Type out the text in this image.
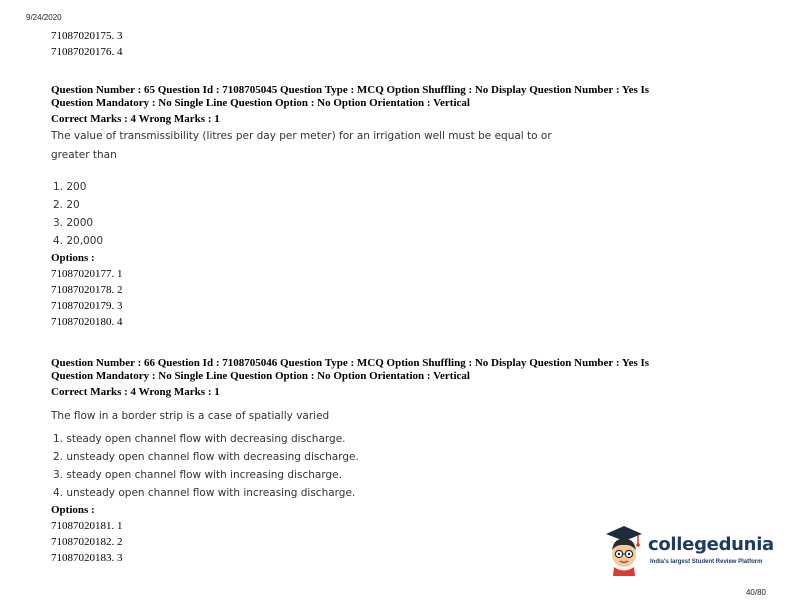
9/24/2020
71087020175. 3
71087020176. 4
Question Number : 65 Question Id : 7108705045 Question Type : MCQ Option Shuffling : No Display Question Number : Yes Is
Question Mandatory : No Single Line Question Option : No Option Orientation : Vertical
Correct Marks : 4 Wrong Marks : 1
The value of transmissibility (litres per day per meter) for an irrigation well must be equal to or
greater than
1. 200
2. 20
3. 2000
4. 20,000
Options :
71087020177. 1
71087020178. 2
71087020179. 3
71087020180. 4
Question Number : 66 Question Id : 7108705046 Question Type : MCQ Option Shuffling : No Display Question Number : Yes Is
Question Mandatory : No Single Line Question Option : No Option Orientation : Vertical
Correct Marks : 4 Wrong Marks : 1
The flow in a border strip is a case of spatially varied
1. steady open channel flow with decreasing discharge.
2. unsteady open channel flow with decreasing discharge.
3. steady open channel flow with increasing discharge.
4. unsteady open channel flow with increasing discharge.
Options :
71087020181. 1
71087020182. 2
71087020183. 3
collegedunia
India's largest Student Review Platform
40/80
